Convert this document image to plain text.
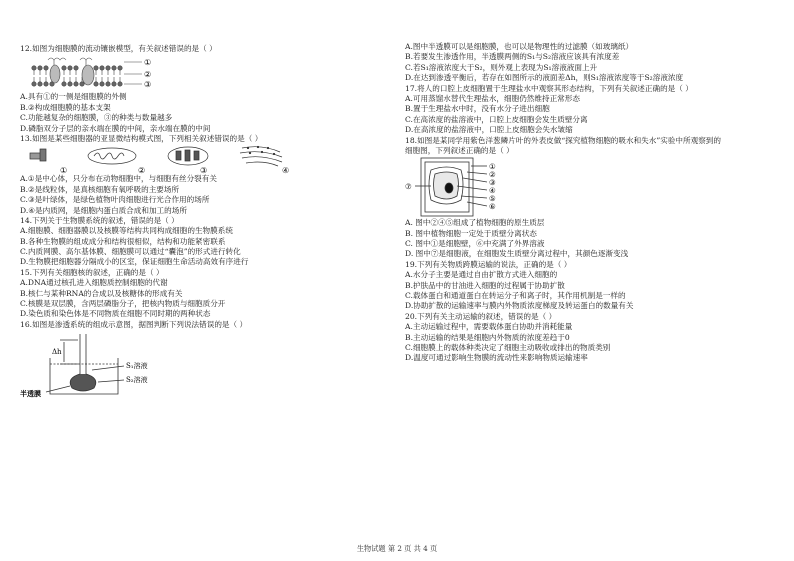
12.如图为细胞膜的流动镶嵌模型，有关叙述错误的是（ ）
①
②
③
A.具有①的一侧是细胞膜的外侧
B.②构成细胞膜的基本支架
C.功能越复杂的细胞膜，③的种类与数量越多
D.磷脂双分子层的亲水端在膜的中间，亲水端在膜的中间
13.如图是某些细胞器的亚显微结构模式图，下列相关叙述错误的是（ ）
①	②	③	④
A.①是中心体，只分布在动物细胞中，与细胞有丝分裂有关
B.②是线粒体，是真核细胞有氧呼吸的主要场所
C.③是叶绿体，是绿色植物叶肉细胞进行光合作用的场所
D.④是内质网，是细胞内蛋白质合成和加工的场所
14.下列关于生物膜系统的叙述，错误的是（ ）
A.细胞膜、细胞器膜以及核膜等结构共同构成细胞的生物膜系统
B.各种生物膜的组成成分和结构很相似，结构和功能紧密联系
C.内质网膜、高尔基体膜、细胞膜可以通过“囊泡”的形式进行转化
D.生物膜把细胞器分隔成小的区室，保证细胞生命活动高效有序进行
15.下列有关细胞核的叙述，正确的是（ ）
A.DNA通过核孔进入细胞质控制细胞的代谢
B.核仁与某种RNA的合成以及核糖体的形成有关
C.核膜是双层膜，含两层磷脂分子，把核内物质与细胞质分开
D.染色质和染色体是不同物质在细胞不同时期的两种状态
16.如图是渗透系统的组成示意图，据图判断下列说法错误的是（ ）
Δh
S₁溶液
S₂溶液
半透膜
A.图中半透膜可以是细胞膜，也可以是物理性的过滤膜（如玻璃纸）
B.若要发生渗透作用，半透膜两侧的S₁与S₂溶液应该具有浓度差
C.若S₁溶液浓度大于S₂，则外观上表现为S₁溶液液面上升
D.在达到渗透平衡后，若存在如图所示的液面差Δh，则S₁溶液浓度等于S₂溶液浓度
17.将人的口腔上皮细胞置于生理盐水中观察其形态结构，下列有关叙述正确的是（ ）
A.可用蒸馏水替代生理盐水，细胞仍然维持正常形态
B.置于生理盐水中时，没有水分子进出细胞
C.在高浓度的盐溶液中，口腔上皮细胞会发生质壁分离
D.在高浓度的盐溶液中，口腔上皮细胞会失水皱缩
18.如图是某同学用紫色洋葱鳞片叶的外表皮做“探究植物细胞的吸水和失水”实验中所观察到的
细胞图，下列叙述正确的是（ ）
①
②
③
④
⑤
⑥
⑦
A. 图中②④⑤组成了植物细胞的原生质层
B. 图中植物细胞一定处于质壁分离状态
C. 图中①是细胞壁，⑥中充满了外界溶液
D. 图中⑦是细胞液，在细胞发生质壁分离过程中，其颜色逐渐变浅
19.下列有关物质跨膜运输的说法，正确的是（ ）
A.水分子主要是通过自由扩散方式进入细胞的
B.护肤品中的甘油进入细胞的过程属于协助扩散
C.载体蛋白和通道蛋白在转运分子和离子时，其作用机制是一样的
D.协助扩散的运输速率与膜内外物质浓度梯度及转运蛋白的数量有关
20.下列有关主动运输的叙述，错误的是（ ）
A.主动运输过程中，需要载体蛋白协助并消耗能量
B.主动运输的结果是细胞内外物质的浓度差趋于0
C.细胞膜上的载体种类决定了细胞主动吸收或排出的物质类别
D.温度可通过影响生物膜的流动性来影响物质运输速率
生物试题 第 2 页 共 4 页
